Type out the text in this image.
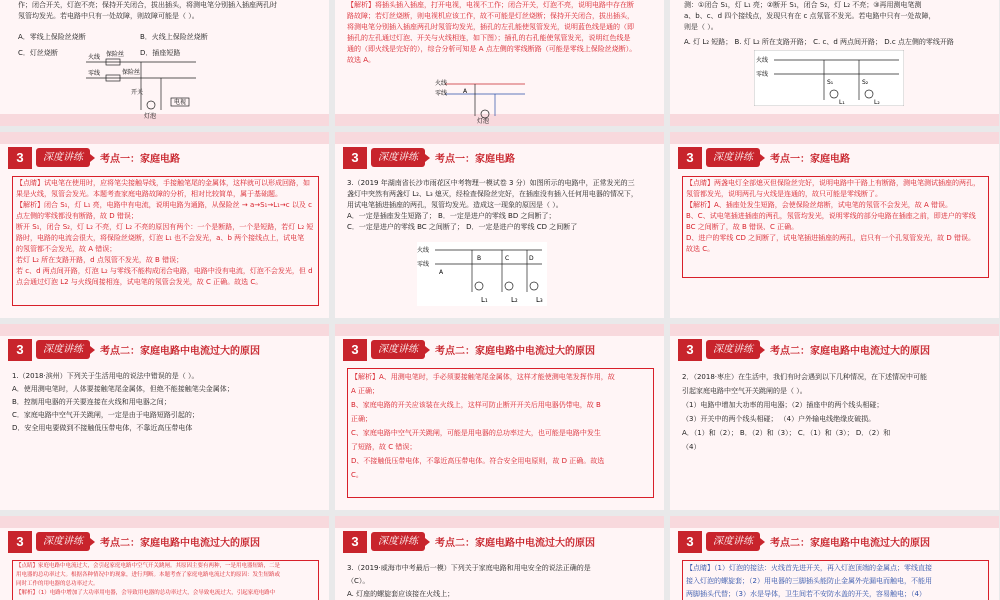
作；闭合开关，灯泡不亮；保持开关闭合，拔出插头，将测电笔分别插入插座两孔时
氖管均发光。若电路中只有一处故障，则故障可能是（ ）。
A．零线上保险丝烧断	B．火线上保险丝烧断
C．灯丝烧断	D．插座短路
火线
零线
保险丝
保险丝
开关
灯泡
电视
【解析】将插头插入插座，打开电视，电视不工作；闭合开关，灯泡不亮，说明电路中存在断
路故障；若灯丝烧断，则电视机应该工作，故不可能是灯丝烧断；保持开关闭合，拔出插头，
将测电笔分别插入插座两孔时氖管均发光，插孔的左孔能使氖管发光，说明蓝色线是通的（即
插孔的左孔通过灯泡、开关与火线相连，如下图）；插孔的右孔能使氖管发光，说明红色线是
通的（即火线是完好的），综合分析可知是 A 点左侧的零线断路（可能是零线上保险丝烧断）。
故选 A。
火线
零线	A
灯泡
测：①闭合 S₁，灯 L₁ 亮；②断开 S₁，闭合 S₂，灯 L₂ 不亮；③再用测电笔测
a、b、c、d 四个接线点，发现只有在 c 点氖管不发光。若电路中只有一处故障，
则是（ ）。
A. 灯 L₂ 短路； B. 灯 L₂ 所在支路开路； C. c、d 两点间开路； D.c 点左侧的零线开路
火线
零线
S₁	S₂
L₁	L₂
3	深度讲练	考点一：家庭电路
【点睛】试电笔在使用时，应将笔尖接触导线，手接触笔尾的金属体，这样就可以形成回路，如
果是火线，氖管会发光。本题考查家庭电路故障的分析，相对比较简单，属于基础题。
【解析】闭合 S₁，灯 L₁ 亮，电路中有电流，说明电路为通路，从保险丝 → a→S₁→L₁→c 以及 c
点左侧的零线都没有断路，故 D 错误；
断开 S₁，闭合 S₂，灯 L₂ 不亮，灯 L₂ 不亮的原因有两个：一个是断路，一个是短路，若灯 L₂ 短
路时，电路的电流会很大，将保险丝烧断，灯泡 L₁ 也不会发光，a、b 两个接线点上，试电笔
的氖管都不会发光，故 A 错误；
若灯 L₂ 所在支路开路，d 点氖管不发光，故 B 错误；
若 c、d 两点间开路，灯泡 L₂ 与零线不能构成闭合电路，电路中没有电流，灯泡不会发光，但 d
点会通过灯泡 L2 与火线间接相连，试电笔的氖管会发光，故 C 正确。故选 C。
3	深度讲练	考点一：家庭电路
3.（2019 年湖南省长沙市雨花区中考物理一模试卷 3 分）如图所示的电路中，正常发光的三
盏灯中突然有两盏灯 L₂、L₃ 熄灭，经检查保险丝完好，在插座没有插入任何用电器的情况下，
用试电笔插进插座的两孔，氖管均发光。造成这一现象的原因是（ ）。
A．一定是插座发生短路了； B．一定是进户的零线 BD 之间断了；
C．一定是进户的零线 BC 之间断了； D．一定是进户的零线 CD 之间断了
火线
零线
A
B	C	D
L₁	L₂	L₃
3	深度讲练	考点一：家庭电路
【点睛】两盏电灯全部熄灭但保险丝完好，说明电路中干路上有断路，测电笔测试插座的两孔，
氖管都发光，说明两孔与火线是连通的，故只可能是零线断了。
【解析】A、插座处发生短路，会使保险丝熔断，试电笔的氖管不会发光，故 A 错误。
B、C、试电笔插进插座的两孔，氖管均发光，说明零线的部分电路在插座之前，即进户的零线
BC 之间断了，故 B 错误、C 正确。
D、进户的零线 CD 之间断了，试电笔插进插座的两孔，启只有一个孔氖管发光，故 D 错误。
故选 C。
3	深度讲练	考点二：家庭电路中电流过大的原因
1.（2018·滨州）下列关于生活用电的说法中错误的是（ ）。
A．使用测电笔时，人体要接触笔尾金属体，但绝不能接触笔尖金属体；
B．控制用电器的开关要连接在火线和用电器之间；
C．家庭电路中空气开关跳闸，一定是由于电路短路引起的；
D．安全用电要做到不接触低压带电体，不靠近高压带电体
3	深度讲练	考点二：家庭电路中电流过大的原因
【解析】A、用测电笔时，手必须要接触笔尾金属体，这样才能使测电笔发挥作用，故
A 正确；
B、家庭电路的开关应该装在火线上，这样可防止断开开关后用电器仍带电，故 B
正确；
C、家庭电路中空气开关跳闸，可能是用电器的总功率过大，也可能是电路中发生
了短路，故 C 错误；
D、不接触低压带电体，不靠近高压带电体。符合安全用电原则，故 D 正确。故选
C。
3	深度讲练	考点二：家庭电路中电流过大的原因
2．（2018·枣庄）在生活中，我们有时会遇到以下几种情况，在下述情况中可能
引起家庭电路中空气开关跳闸的是（ ）。
（1）电路中增加大功率的用电器；（2）插座中的两个线头相碰；
（3）开关中的两个线头相碰； （4）户外输电线绝缘皮破损。
A．（1）和（2）； B．（2）和（3）； C．（1）和（3）； D．（2）和
（4）
3	深度讲练	考点二：家庭电路中电流过大的原因
【点睛】家庭电路中电流过大，会引起家庭电路中空气开关跳闸。其原因主要有两种，一是用电器短路，二是
用电器的总功率过大。根据各种情况中的现象，进行判断。本题考查了家庭电路电流过大的原因：发生短路或
同时工作的用电器的总功率过大。
【解析】（1）电路中增加了大功率用电器，会导致用电器的总功率过大，会导致电流过大，引起家庭电路中
3	深度讲练	考点二：家庭电路中电流过大的原因
3.（2019·威海市中考最后一模）下列关于家庭电路和用电安全的说法正确的是
（C）。
A. 灯座的螺旋套应该接在火线上；
3	深度讲练	考点二：家庭电路中电流过大的原因
【点睛】（1）灯泡的接法：火线首先进开关，再入灯泡顶端的金属点；零线直接
接入灯泡的螺旋套；（2）用电器的三脚插头能防止金属外壳漏电而触电，不能用
两脚插头代替；（3）水是导体，卫生间若不安防水盖的开关，容易触电；（4）
